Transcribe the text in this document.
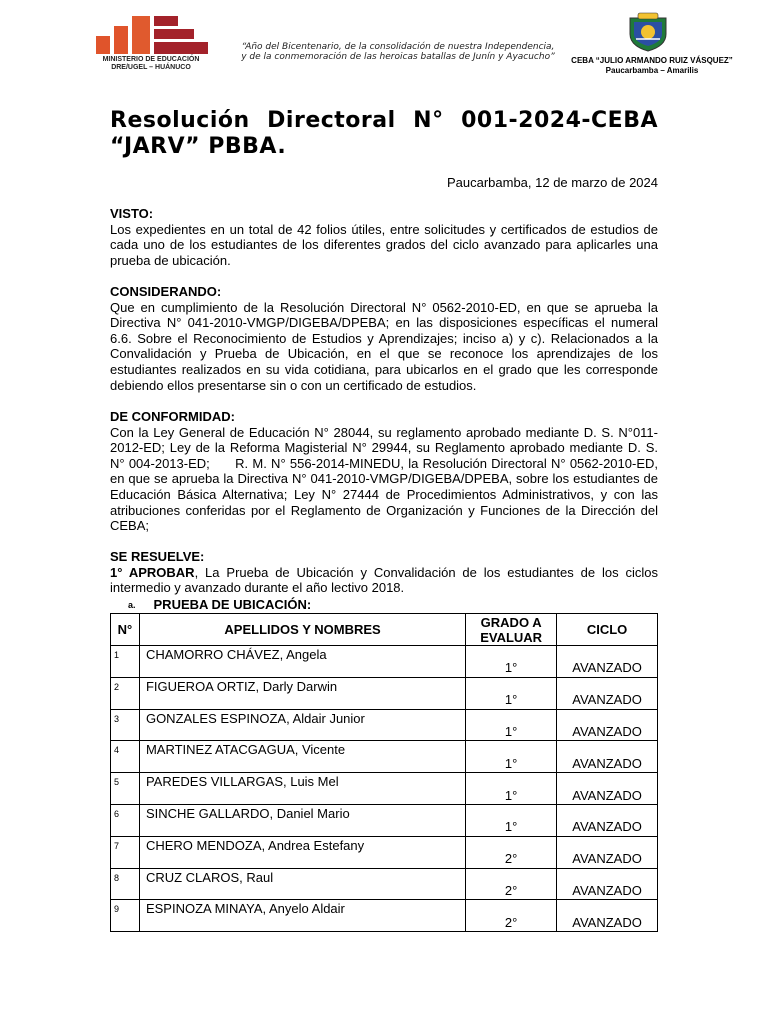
MINISTERIO DE EDUCACIÓN
DRE/UGEL – HUÁNUCO
“Año del Bicentenario, de la consolidación de nuestra Independencia,
y de la conmemoración de las heroicas batallas de Junín y Ayacucho”	CEBA “JULIO ARMANDO RUIZ VÁSQUEZ”
Paucarbamba – Amarilis
Resolución Directoral N° 001-2024-CEBA “JARV” PBBA.
Paucarbamba, 12 de marzo de 2024
VISTO:

Los expedientes en un total de 42 folios útiles, entre solicitudes y certificados de estudios de cada uno de los estudiantes de los diferentes grados del ciclo avanzado para aplicarles una prueba de ubicación.

CONSIDERANDO:

Que en cumplimiento de la Resolución Directoral N° 0562-2010-ED, en que se aprueba la Directiva N° 041-2010-VMGP/DIGEBA/DPEBA; en las disposiciones específicas el numeral 6.6. Sobre el Reconocimiento de Estudios y Aprendizajes; inciso a) y c). Relacionados a la Convalidación y Prueba de Ubicación, en el que se reconoce los aprendizajes de los estudiantes realizados en su vida cotidiana, para ubicarlos en el grado que les corresponde debiendo ellos presentarse sin o con un certificado de estudios.

DE CONFORMIDAD:

Con la Ley General de Educación N° 28044, su reglamento aprobado mediante D. S. N°011-2012-ED; Ley de la Reforma Magisterial N° 29944, su Reglamento aprobado mediante D. S. N° 004-2013-ED;      R. M. N° 556-2014-MINEDU, la Resolución Directoral N° 0562-2010-ED, en que se aprueba la Directiva N° 041-2010-VMGP/DIGEBA/DPEBA, sobre los estudiantes de Educación Básica Alternativa; Ley N° 27444 de Procedimientos Administrativos, y con las atribuciones conferidas por el Reglamento de Organización y Funciones de la Dirección del CEBA;

SE RESUELVE:

1° APROBAR, La Prueba de Ubicación y Convalidación de los estudiantes de los ciclos intermedio y avanzado durante el año lectivo 2018.

a. PRUEBA DE UBICACIÓN:
N°	APELLIDOS Y NOMBRES	GRADO A
EVALUAR	CICLO
1	CHAMORRO CHÁVEZ, Angela	1°	AVANZADO
2	FIGUEROA ORTIZ, Darly Darwin	1°	AVANZADO
3	GONZALES ESPINOZA, Aldair Junior	1°	AVANZADO
4	MARTINEZ ATACGAGUA, Vicente	1°	AVANZADO
5	PAREDES VILLARGAS, Luis Mel	1°	AVANZADO
6	SINCHE GALLARDO, Daniel Mario	1°	AVANZADO
7	CHERO MENDOZA, Andrea Estefany	2°	AVANZADO
8	CRUZ CLAROS, Raul	2°	AVANZADO
9	ESPINOZA MINAYA, Anyelo Aldair	2°	AVANZADO
